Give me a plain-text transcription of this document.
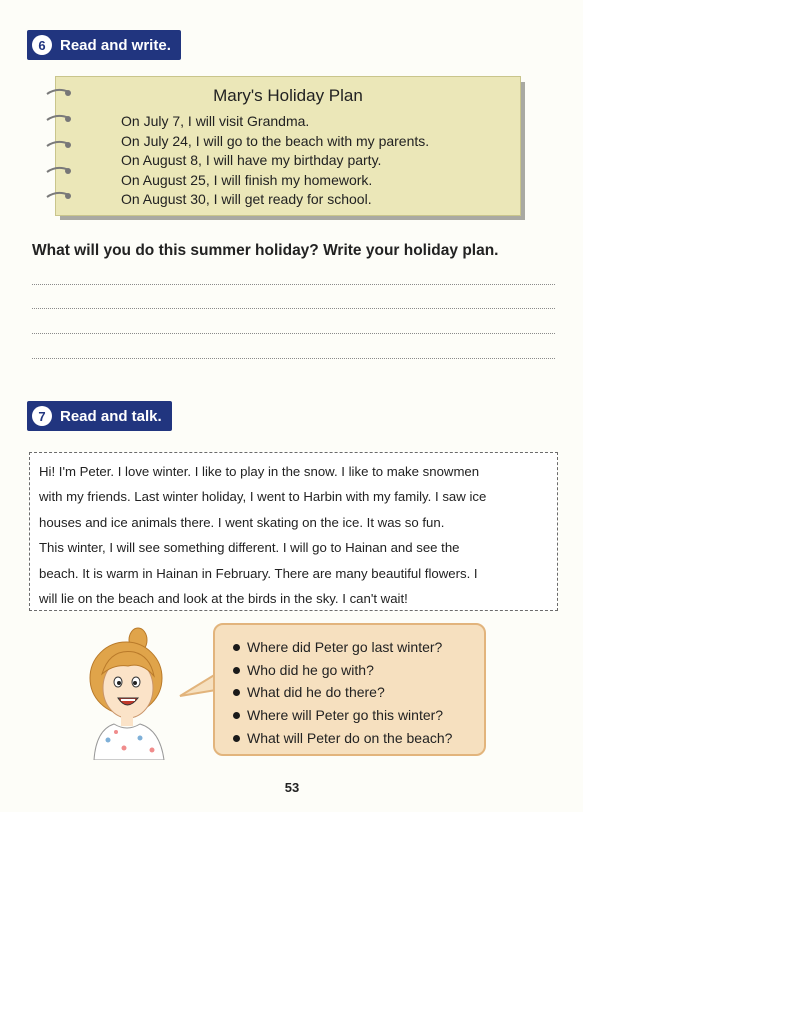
6 Read and write.
Mary's Holiday Plan
On July 7, I will visit Grandma.
On July 24, I will go to the beach with my parents.
On August 8, I will have my birthday party.
On August 25, I will finish my homework.
On August 30, I will get ready for school.
What will you do this summer holiday? Write your holiday plan.
7 Read and talk.
Hi! I'm Peter. I love winter. I like to play in the snow. I like to make snowmen
with my friends. Last winter holiday, I went to Harbin with my family. I saw ice
houses and ice animals there. I went skating on the ice. It was so fun.
This winter, I will see something different. I will go to Hainan and see the
beach. It is warm in Hainan in February. There are many beautiful flowers. I
will lie on the beach and look at the birds in the sky. I can't wait!
Where did Peter go last winter?
Who did he go with?
What did he do there?
Where will Peter go this winter?
What will Peter do on the beach?
53
